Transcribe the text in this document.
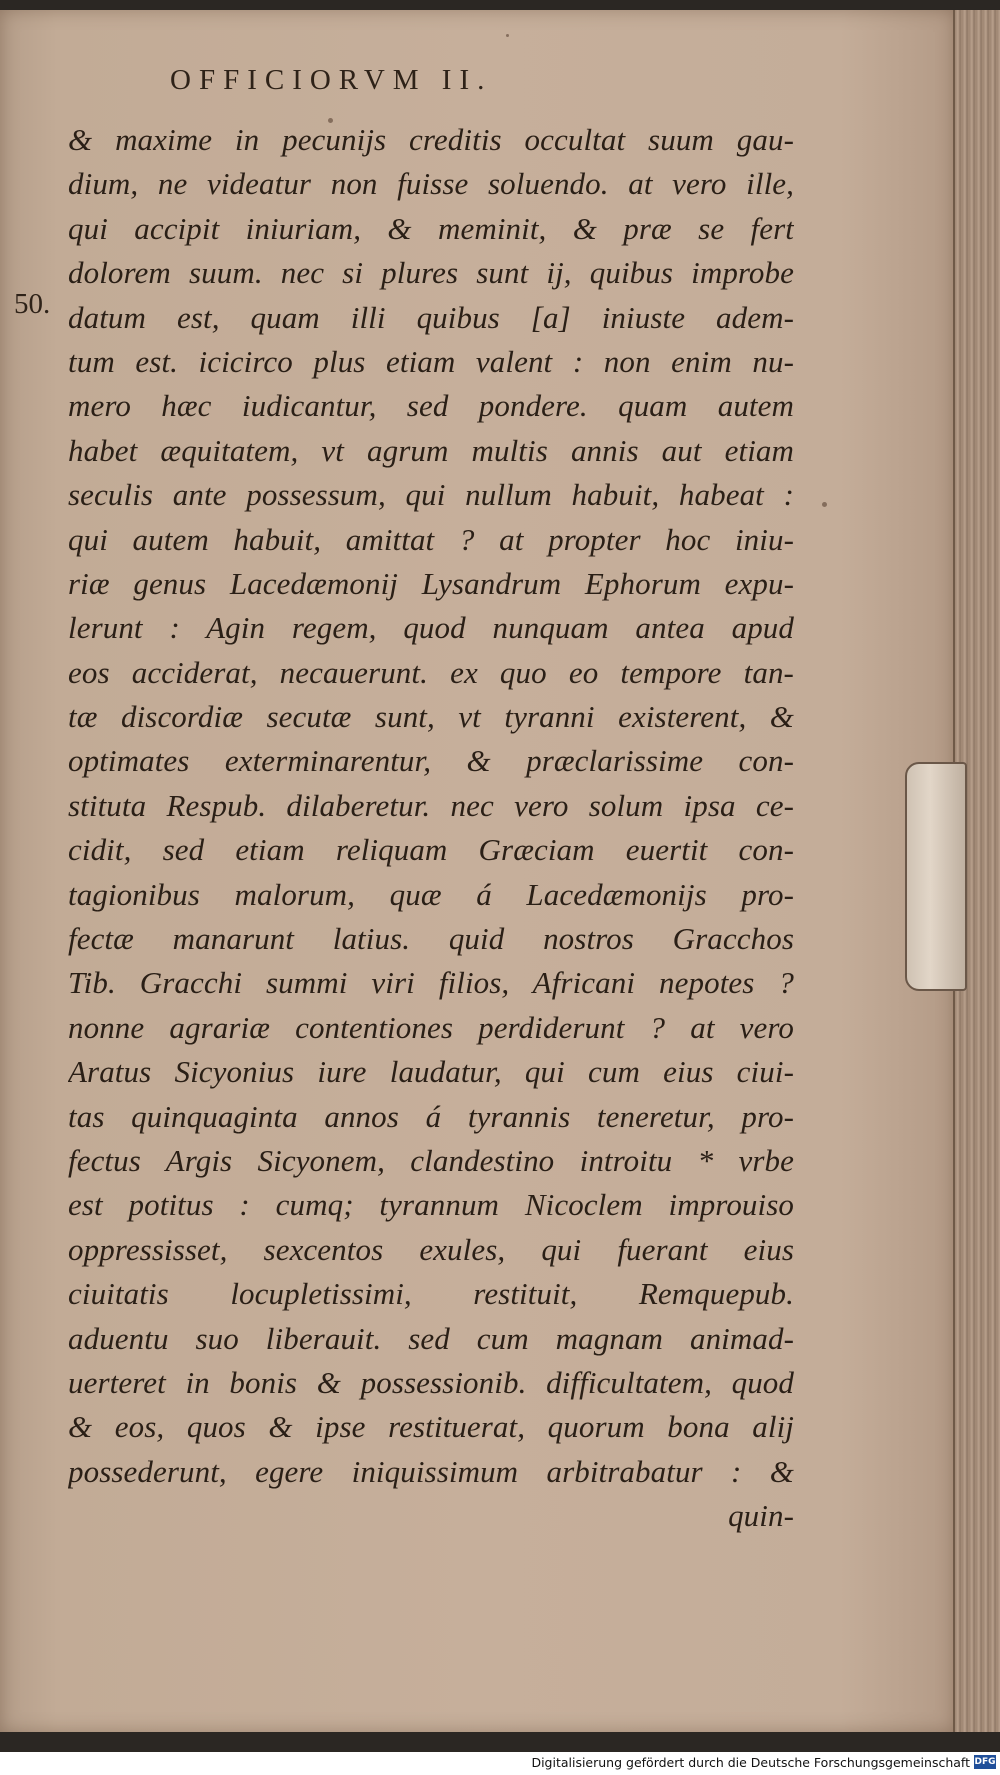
OFFICIORVM II.
50.
& maxime in pecunijs creditis occultat suum gau-
dium, ne videatur non fuisse soluendo. at vero ille,
qui accipit iniuriam, & meminit, & præ se fert
dolorem suum. nec si plures sunt ij, quibus improbe
datum est, quam illi quibus [a] iniuste adem-
tum est. icicirco plus etiam valent : non enim nu-
mero hæc iudicantur, sed pondere. quam autem
habet æquitatem, vt agrum multis annis aut etiam
seculis ante possessum, qui nullum habuit, habeat :
qui autem habuit, amittat ? at propter hoc iniu-
riæ genus Lacedæmonij Lysandrum Ephorum expu-
lerunt : Agin regem, quod nunquam antea apud
eos acciderat, necauerunt. ex quo eo tempore tan-
tæ discordiæ secutæ sunt, vt tyranni existerent, &
optimates exterminarentur, & præclarissime con-
stituta Respub. dilaberetur. nec vero solum ipsa ce-
cidit, sed etiam reliquam Græciam euertit con-
tagionibus malorum, quæ á Lacedæmonijs pro-
fectæ manarunt latius. quid nostros Gracchos
Tib. Gracchi summi viri filios, Africani nepotes ?
nonne agrariæ contentiones perdiderunt ? at vero
Aratus Sicyonius iure laudatur, qui cum eius ciui-
tas quinquaginta annos á tyrannis teneretur, pro-
fectus Argis Sicyonem, clandestino introitu * vrbe
est potitus : cumq; tyrannum Nicoclem improuiso
oppressisset, sexcentos exules, qui fuerant eius
ciuitatis locupletissimi, restituit, Remquepub.
aduentu suo liberauit. sed cum magnam animad-
uerteret in bonis & possessionib. difficultatem, quod
& eos, quos & ipse restituerat, quorum bona alij
possederunt, egere iniquissimum arbitrabatur : &
quin-
Digitalisierung gefördert durch die Deutsche Forschungsgemeinschaft DFG
